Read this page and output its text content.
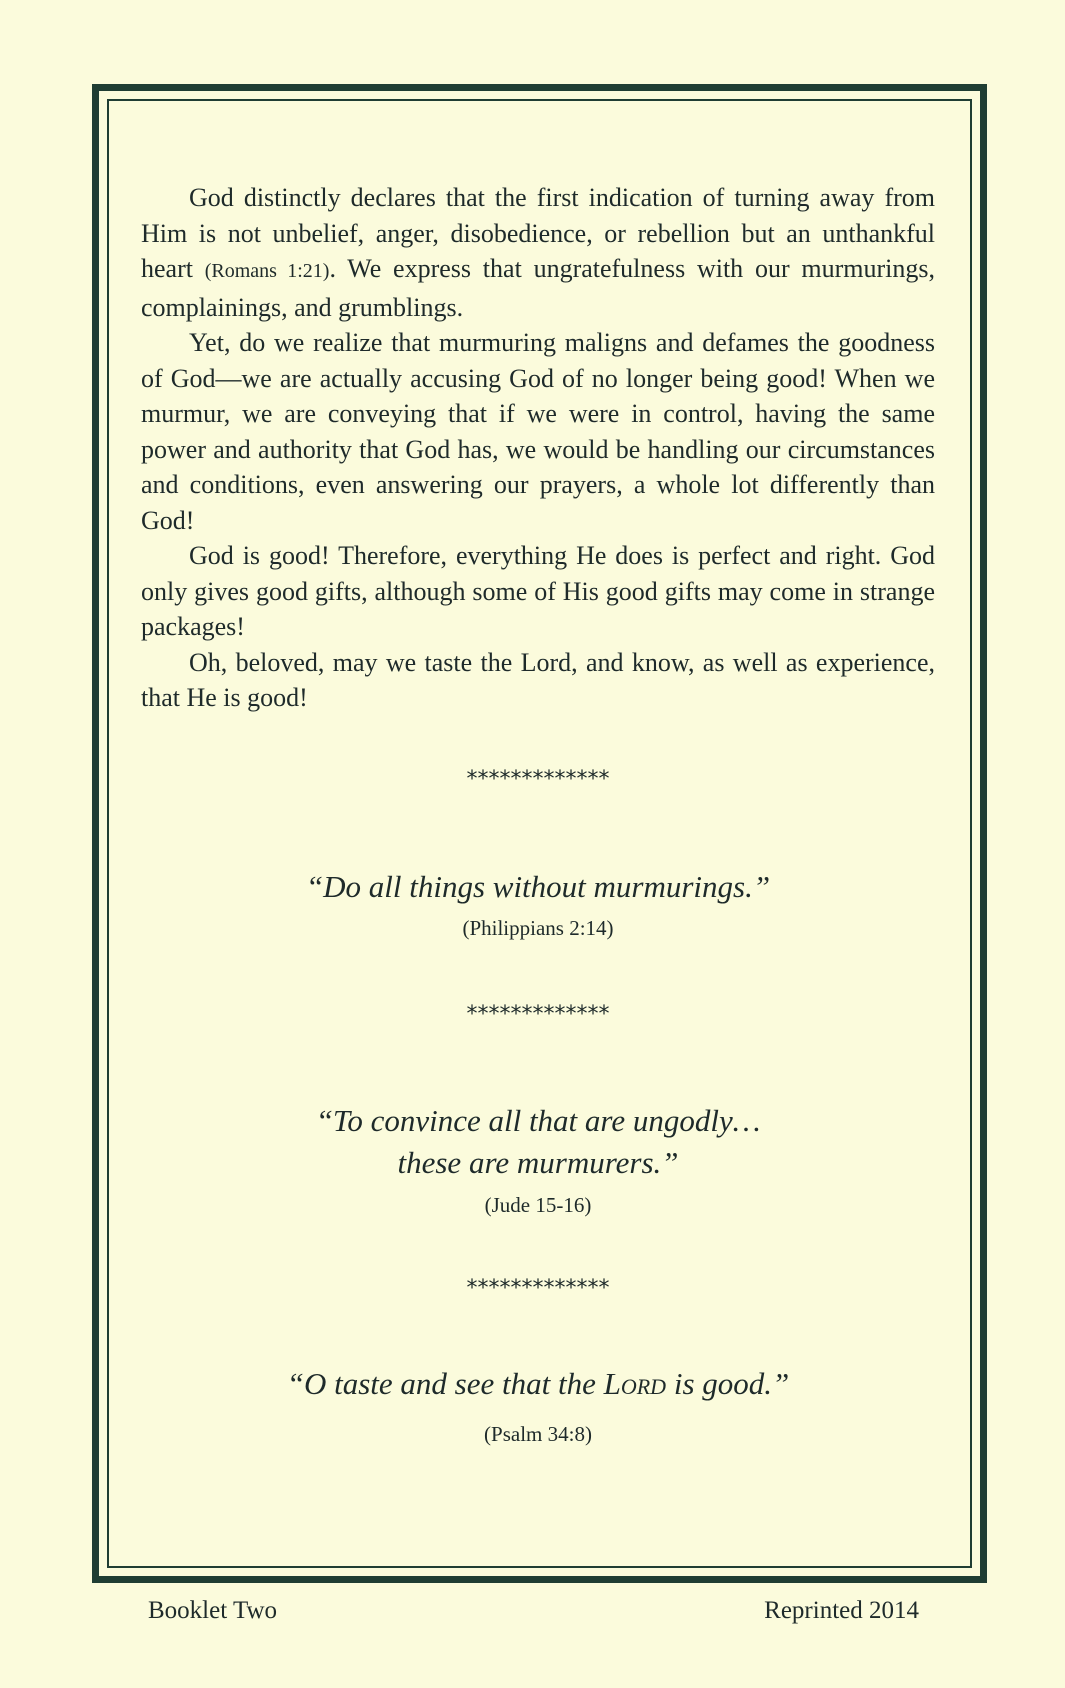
God distinctly declares that the first indication of turning away from Him is not unbelief, anger, disobedience, or rebellion but an unthankful heart (Romans 1:21). We express that ungratefulness with our murmurings, complainings, and grumblings.

Yet, do we realize that murmuring maligns and defames the goodness of God—we are actually accusing God of no longer being good! When we murmur, we are conveying that if we were in control, having the same power and authority that God has, we would be handling our circumstances and conditions, even answering our prayers, a whole lot differently than God!

God is good! Therefore, everything He does is perfect and right. God only gives good gifts, although some of His good gifts may come in strange packages!

Oh, beloved, may we taste the Lord, and know, as well as experience, that He is good!

*************
“Do all things without murmurings.”
(Philippians 2:14)
*************
“To convince all that are ungodly…
these are murmurers.”
(Jude 15-16)
*************
“O taste and see that the Lord is good.”
(Psalm 34:8)
Booklet Two	Reprinted 2014
